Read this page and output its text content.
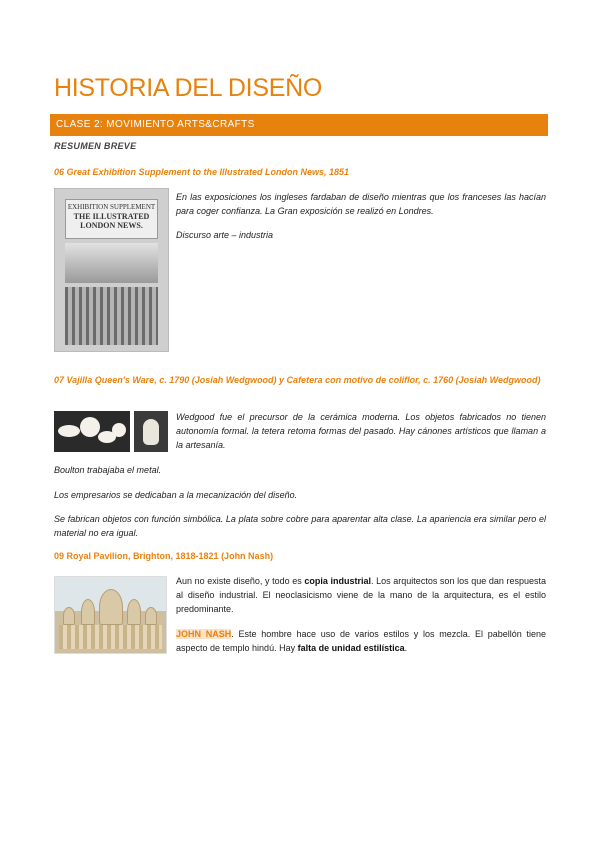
HISTORIA DEL DISEÑO
CLASE 2: MOVIMIENTO ARTS&CRAFTS
RESUMEN BREVE
06 Great Exhibition Supplement to the Illustrated London News, 1851
EXHIBITION SUPPLEMENT
THE ILLUSTRATED
LONDON NEWS.
En las exposiciones los ingleses fardaban de diseño mientras que los franceses las hacían para coger confianza. La Gran exposición se realizó en Londres.
Discurso arte – industria
07 Vajilla Queen's Ware, c. 1790 (Josiah Wedgwood) y Cafetera con motivo de coliflor, c. 1760 (Josiah Wedgwood)
Wedgood fue el precursor de la cerámica moderna. Los objetos fabricados no tienen autonomía formal. la tetera retoma formas del pasado. Hay cánones artísticos que llaman a la artesanía.
Boulton trabajaba el metal.
Los empresarios se dedicaban a la mecanización del diseño.
Se fabrican objetos con función simbólica. La plata sobre cobre para aparentar alta clase. La apariencia era similar pero el material no era igual.
09 Royal Pavilion, Brighton, 1818-1821 (John Nash)
Aun no existe diseño, y todo es copia industrial. Los arquitectos son los que dan respuesta al diseño industrial. El neoclasicismo viene de la mano de la arquitectura, es el estilo predominante.
JOHN NASH. Este hombre hace uso de varios estilos y los mezcla. El pabellón tiene aspecto de templo hindú. Hay falta de unidad estilística.
